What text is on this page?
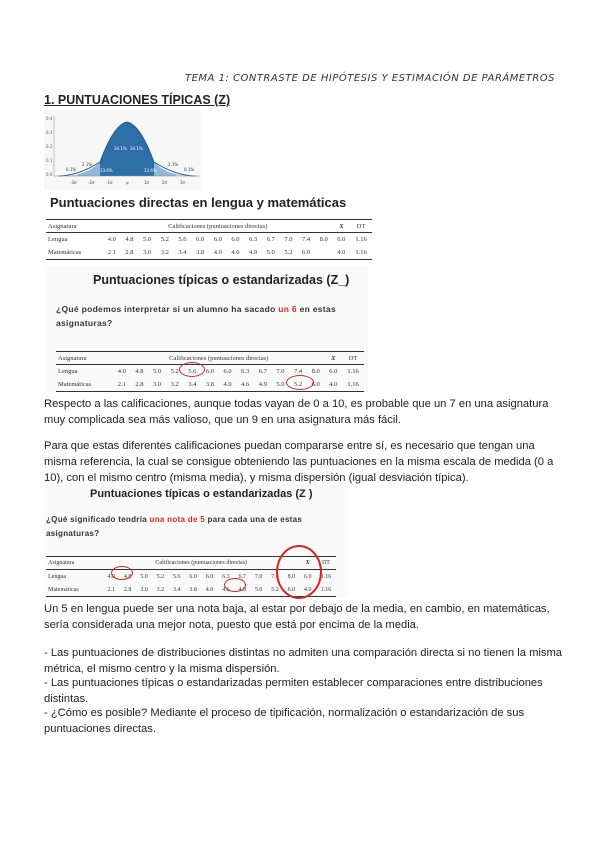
TEMA 1: CONTRASTE DE HIPÓTESIS Y ESTIMACIÓN DE PARÁMETROS
1. PUNTUACIONES TÍPICAS (Z)
0.4
0.3
0.2
0.1
0.0
0.1%
2.1%
13.6%
34.1% 34.1%
13.6%
2.1%
0.1%
-3σ	-2σ	-1σ	μ	1σ	2σ	3σ
Puntuaciones directas en lengua y matemáticas
Asignatura	Calificaciones (puntuaciones directas)													X	DT
Lengua	4.0	4.8	5.0	5.2	5.6	6.0	6.0	6.0	6.3	6.7	7.0	7.4	8.0	6.0	1.16
Matemáticas	2.1	2.8	3.0	3.2	3.4	3.8	4.0	4.6	4.9	5.0	5.2	6.0		4.0	1.16
Puntuaciones típicas o estandarizadas (Z_)
¿Qué podemos interpretar si un alumno ha sacado un 6 en estas asignaturas?
Asignatura	Calificaciones (puntuaciones directas)												X	DT
Lengua	4.0	4.8	5.0	5.2	5.6	6.0	6.0	6.3	6.7	7.0	7.4	8.0	6.0	1.16
Matemáticas	2.1	2.8	3.0	3.2	3.4	3.8	4.0	4.6	4.9	5.0	5.2	6.0	4.0	1.16
Respecto a las calificaciones, aunque todas vayan de 0 a 10, es probable que un 7 en una asignatura muy complicada sea más valioso, que un 9 en una asignatura más fácil.
Para que estas diferentes calificaciones puedan compararse entre sí, es necesario que tengan una misma referencia, la cual se consigue obteniendo las puntuaciones en la misma escala de medida (0 a 10), con el mismo centro (misma media), y misma dispersión (igual desviación típica).
Puntuaciones típicas o estandarizadas (Z )
¿Qué significado tendría una nota de 5 para cada una de estas asignaturas?
Asignatura	Calificaciones (puntuaciones directas)												X	DT
Lengua	4.0	4.8	5.0	5.2	5.6	6.0	6.0	6.3	6.7	7.0	7.4	8.0	6.0	1.16
Matemáticas	2.1	2.8	3.0	3.2	3.4	3.8	4.0	4.6	4.9	5.0	5.2	6.0	4.0	1.16
Un 5 en lengua puede ser una nota baja, al estar por debajo de la media, en cambio, en matemáticas, sería considerada una mejor nota, puesto que está por encima de la media.
- Las puntuaciones de distribuciones distintas no admiten una comparación directa si no tienen la misma métrica, el mismo centro y la misma dispersión.
- Las puntuaciones típicas o estandarizadas permiten establecer comparaciones entre distribuciones distintas.
- ¿Cómo es posible? Mediante el proceso de tipificación, normalización o estandarización de sus puntuaciones directas.
